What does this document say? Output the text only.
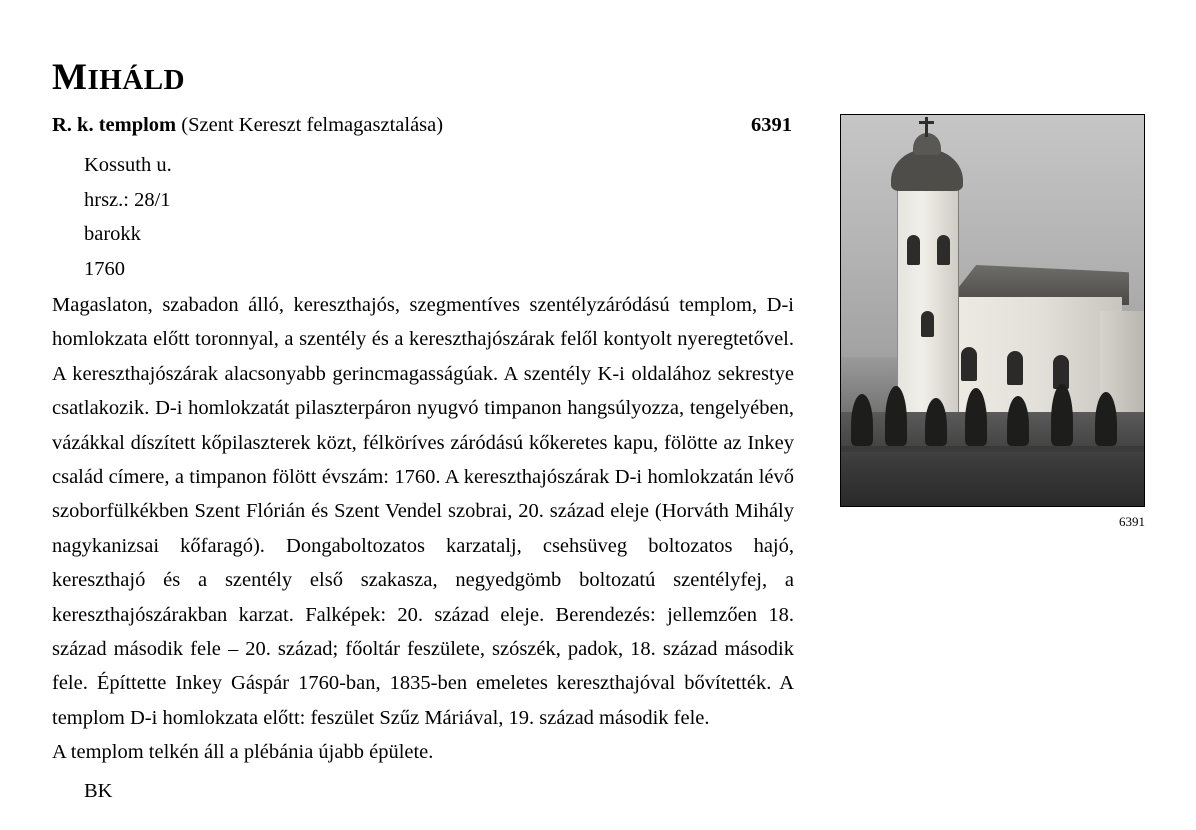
MIHÁLD
R. k. templom (Szent Kereszt felmagasztalása)	6391
Kossuth u.
hrsz.: 28/1
barokk
1760

Magaslaton, szabadon álló, kereszthajós, szegmentíves szentélyzáródású templom, D-i homlokzata előtt toronnyal, a szentély és a kereszthajószárak felől kontyolt nyeregtetővel. A kereszthajószárak alacsonyabb gerincmagasságúak. A szentély K-i oldalához sekrestye csatlakozik. D-i homlokzatát pilaszterpáron nyugvó timpanon hangsúlyozza, tengelyében, vázákkal díszített kőpilaszterek közt, félköríves záródású kőkeretes kapu, fölötte az Inkey család címere, a timpanon fölött évszám: 1760. A kereszthajószárak D-i homlokzatán lévő szoborfülkékben Szent Flórián és Szent Vendel szobrai, 20. század eleje (Horváth Mihály nagykanizsai kőfaragó). Dongaboltozatos karzatalj, csehsüveg boltozatos hajó, kereszthajó és a szentély első szakasza, negyedgömb boltozatú szentélyfej, a kereszthajószárakban karzat. Falképek: 20. század eleje. Berendezés: jellemzően 18. század második fele – 20. század; főoltár feszülete, szószék, padok, 18. század második fele. Építtette Inkey Gáspár 1760-ban, 1835-ben emeletes kereszthajóval bővítették. A templom D-i homlokzata előtt: feszület Szűz Máriával, 19. század második fele.

A templom telkén áll a plébánia újabb épülete.

BK
6391
